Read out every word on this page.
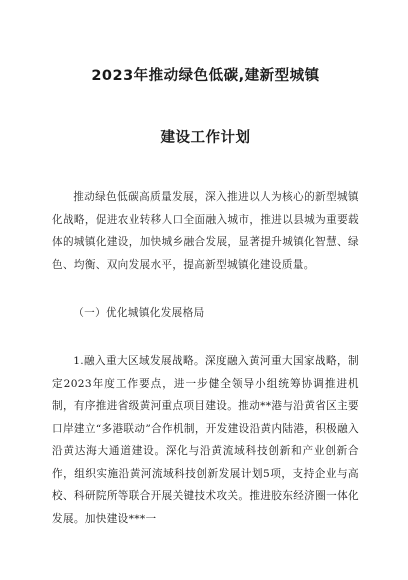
2023年推动绿色低碳,建新型城镇
建设工作计划

推动绿色低碳高质量发展，深入推进以人为核心的新型城镇化战略，促进农业转移人口全面融入城市，推进以县城为重要载体的城镇化建设，加快城乡融合发展，显著提升城镇化智慧、绿色、均衡、双向发展水平，提高新型城镇化建设质量。

（一）优化城镇化发展格局

1.融入重大区域发展战略。深度融入黄河重大国家战略，制定2023年度工作要点，进一步健全领导小组统筹协调推进机制，有序推进省级黄河重点项目建设。推动**港与沿黄省区主要口岸建立“多港联动”合作机制，开发建设沿黄内陆港，积极融入沿黄达海大通道建设。深化与沿黄流域科技创新和产业创新合作，组织实施沿黄河流域科技创新发展计划5项，支持企业与高校、科研院所等联合开展关键技术攻关。推进胶东经济圈一体化发展。加快建设***一
